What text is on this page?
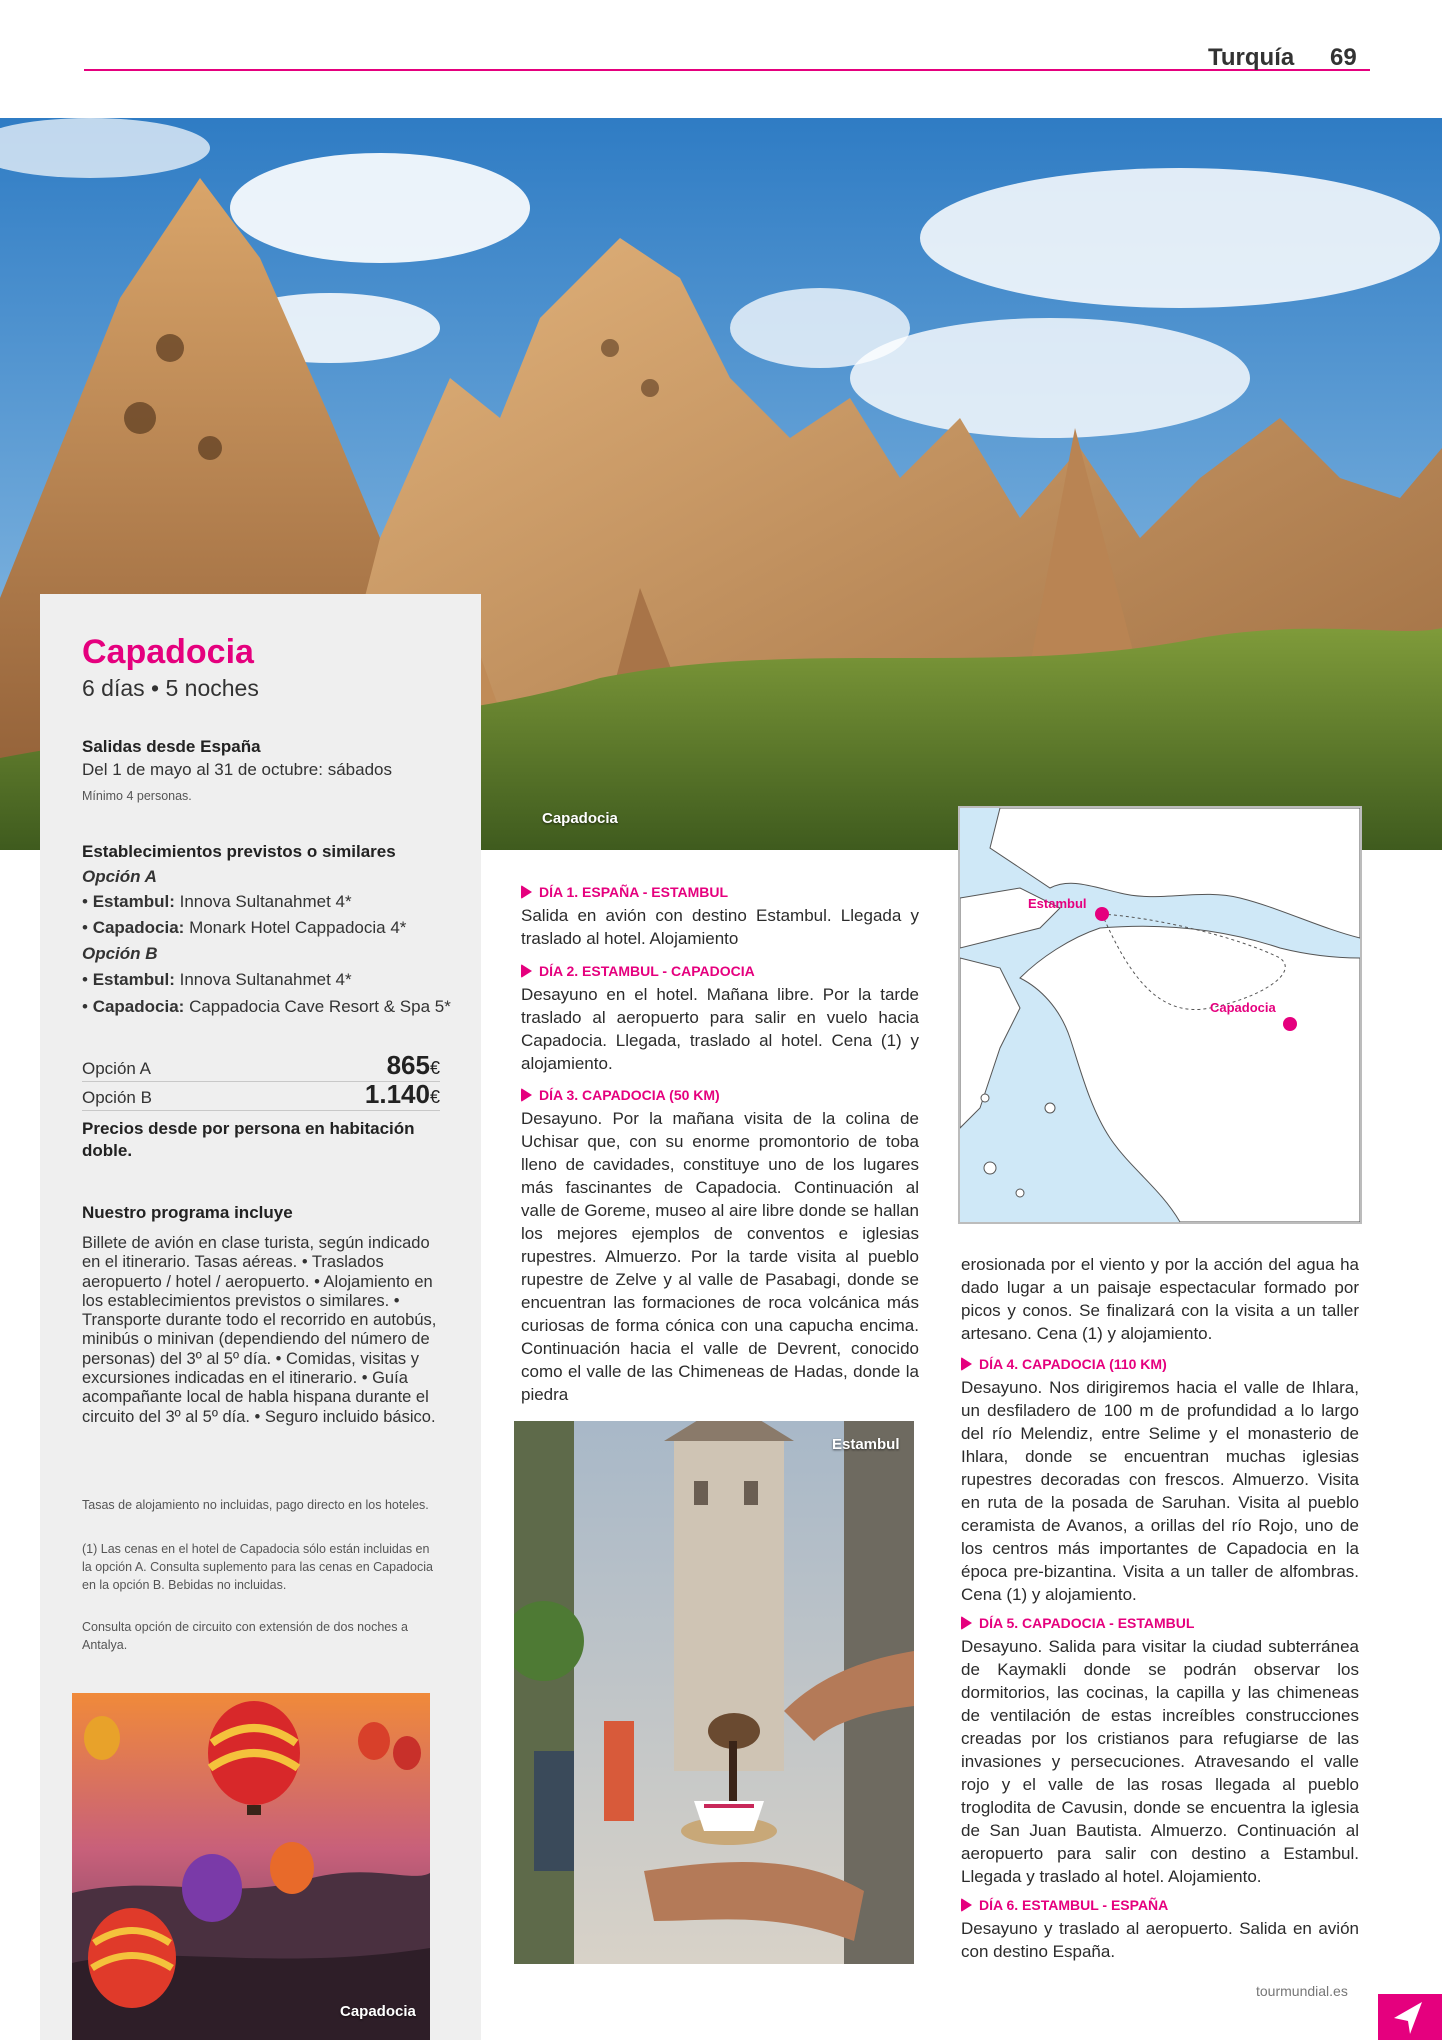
Turquía 69
Capadocia
Capadocia
6 días • 5 noches
Salidas desde España
Del 1 de mayo al 31 de octubre: sábados
Mínimo 4 personas.
Establecimientos previstos o similares
Opción A
• Estambul: Innova Sultanahmet 4*
• Capadocia: Monark Hotel Cappadocia 4*
Opción B
• Estambul: Innova Sultanahmet 4*
• Capadocia: Cappadocia Cave Resort & Spa 5*
Opción A	865€
Opción B	1.140€
Precios desde por persona en habitación doble.
Nuestro programa incluye
Billete de avión en clase turista, según indicado en el itinerario. Tasas aéreas. • Traslados aeropuerto / hotel / aeropuerto. • Alojamiento en los establecimientos previstos o similares. • Transporte durante todo el recorrido en autobús, minibús o minivan (dependiendo del número de personas) del 3º al 5º día. • Comidas, visitas y excursiones indicadas en el itinerario. • Guía acompañante local de habla hispana durante el circuito del 3º al 5º día. • Seguro incluido básico.
Tasas de alojamiento no incluidas, pago directo en los hoteles.
(1) Las cenas en el hotel de Capadocia sólo están incluidas en la opción A. Consulta suplemento para las cenas en Capadocia en la opción B. Bebidas no incluidas.
Consulta opción de circuito con extensión de dos noches a Antalya.
Capadocia
DÍA 1. ESPAÑA - ESTAMBUL
Salida en avión con destino Estambul. Llegada y traslado al hotel. Alojamiento
DÍA 2. ESTAMBUL - CAPADOCIA
Desayuno en el hotel. Mañana libre. Por la tarde traslado al aeropuerto para salir en vuelo hacia Capadocia. Llegada, traslado al hotel. Cena (1) y alojamiento.
DÍA 3. CAPADOCIA (50 KM)
Desayuno. Por la mañana visita de la colina de Uchisar que, con su enorme promontorio de toba lleno de cavidades, constituye uno de los lugares más fascinantes de Capadocia. Continuación al valle de Goreme, museo al aire libre donde se hallan los mejores ejemplos de conventos e iglesias rupestres. Almuerzo. Por la tarde visita al pueblo rupestre de Zelve y al valle de Pasabagi, donde se encuentran las formaciones de roca volcánica más curiosas de forma cónica con una capucha encima. Continuación hacia el valle de Devrent, conocido como el valle de las Chimeneas de Hadas, donde la piedra
Estambul
Estambul
Capadocia
erosionada por el viento y por la acción del agua ha dado lugar a un paisaje espectacular formado por picos y conos. Se finalizará con la visita a un taller artesano. Cena (1) y alojamiento.
DÍA 4. CAPADOCIA (110 KM)
Desayuno. Nos dirigiremos hacia el valle de Ihlara, un desfiladero de 100 m de profundidad a lo largo del río Melendiz, entre Selime y el monasterio de Ihlara, donde se encuentran muchas iglesias rupestres decoradas con frescos. Almuerzo. Visita en ruta de la posada de Saruhan. Visita al pueblo ceramista de Avanos, a orillas del río Rojo, uno de los centros más importantes de Capadocia en la época pre-bizantina. Visita a un taller de alfombras. Cena (1) y alojamiento.
DÍA 5. CAPADOCIA - ESTAMBUL
Desayuno. Salida para visitar la ciudad subterránea de Kaymakli donde se podrán observar los dormitorios, las cocinas, la capilla y las chimeneas de ventilación de estas increíbles construcciones creadas por los cristianos para refugiarse de las invasiones y persecuciones. Atravesando el valle rojo y el valle de las rosas llegada al pueblo troglodita de Cavusin, donde se encuentra la iglesia de San Juan Bautista. Almuerzo. Continuación al aeropuerto para salir con destino a Estambul. Llegada y traslado al hotel. Alojamiento.
DÍA 6. ESTAMBUL - ESPAÑA
Desayuno y traslado al aeropuerto. Salida en avión con destino España.
tourmundial.es
